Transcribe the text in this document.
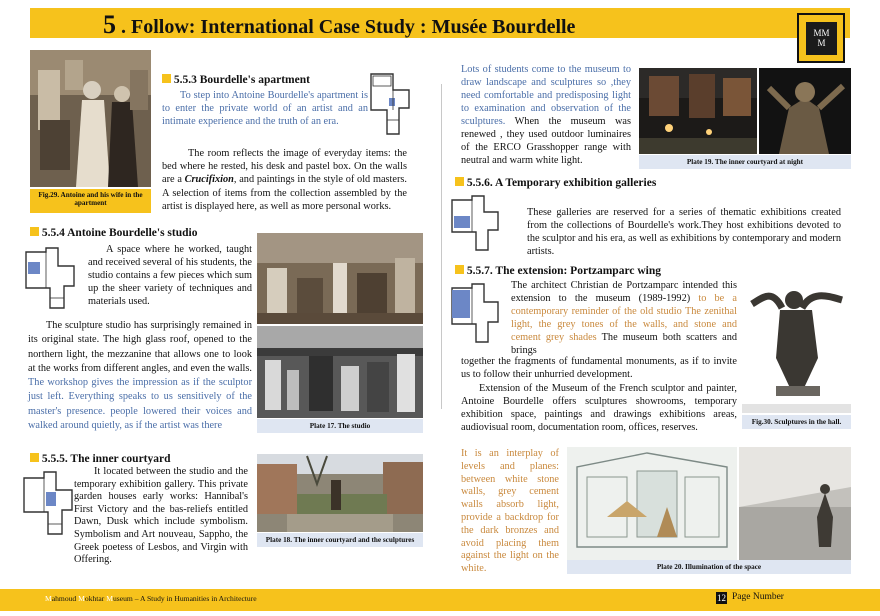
5 . Follow: International Case Study : Musée Bourdelle	MM
M
Fig.29. Antoine and his wife in the apartment
5.5.3 Bourdelle's apartment
To step into Antoine Bourdelle's apartment is to enter the private world of an artist and an intimate experience and the truth of an era.
The room reflects the image of everyday items: the bed where he rested, his desk and pastel box. On the walls are a Crucifixion, and paintings in the style of old masters. A selection of items from the collection assembled by the artist is displayed here, as well as more personal works.
5.5.4 Antoine Bourdelle's studio
A space where he worked, taught and received several of his students, the studio contains a few pieces which sum up the sheer variety of techniques and materials used.
The sculpture studio has surprisingly remained in its original state. The high glass roof, opened to the northern light, the mezzanine that allows one to look at the works from different angles, and even the walls. The workshop gives the impression as if the sculptor just left. Everything speaks to us sensitively of the master's presence. people lowered their voices and walked around quietly, as if the artist was there	Plate 17. The studio
5.5.5. The inner courtyard
It located between the studio and the temporary exhibition gallery. This private garden houses early works: Hannibal's First Victory and the bas-reliefs entitled Dawn, Dusk which include symbolism. Symbolism and Art nouveau, Sappho, the Greek poetess of Lesbos, and Virgin with Offering.
Plate 18. The inner courtyard and the sculptures
Lots of students come to the museum to draw landscape and sculptures so ,they need comfortable and predisposing light to examination and observation of the sculptures. When the museum was renewed , they used outdoor luminaires of the ERCO Grasshopper range with neutral and warm white light.	Plate 19. The inner courtyard at night
5.5.6. A Temporary exhibition galleries
These galleries are reserved for a series of thematic exhibitions created from the collections of Bourdelle's work.They host exhibitions devoted to the sculptor and his era, as well as exhibitions by contemporary and modern artists.
5.5.7. The extension: Portzamparc wing
The architect Christian de Portzamparc intended this extension to the museum (1989-1992) to be a contemporary reminder of the old studio The zenithal light, the grey tones of the walls, and stone and cement grey shades The museum both scatters and brings
together the fragments of fundamental monuments, as if to invite us to follow their unhurried development.
Extension of the Museum of the French sculptor and painter, Antoine Bourdelle offers sculptures showrooms, temporary exhibition space, paintings and drawings exhibitions areas, audiovisual room, documentation room, offices, reserves.	Fig.30. Sculptures in the hall.
It is an interplay of levels and planes: between white stone walls, grey cement walls absorb light, provide a backdrop for the dark bronzes and avoid placing them against the light on the white.	Plate 20. Illumination of the space
Mahmoud Mokhtar Museum – A Study in Humanities in Architecture	12 Page Number
